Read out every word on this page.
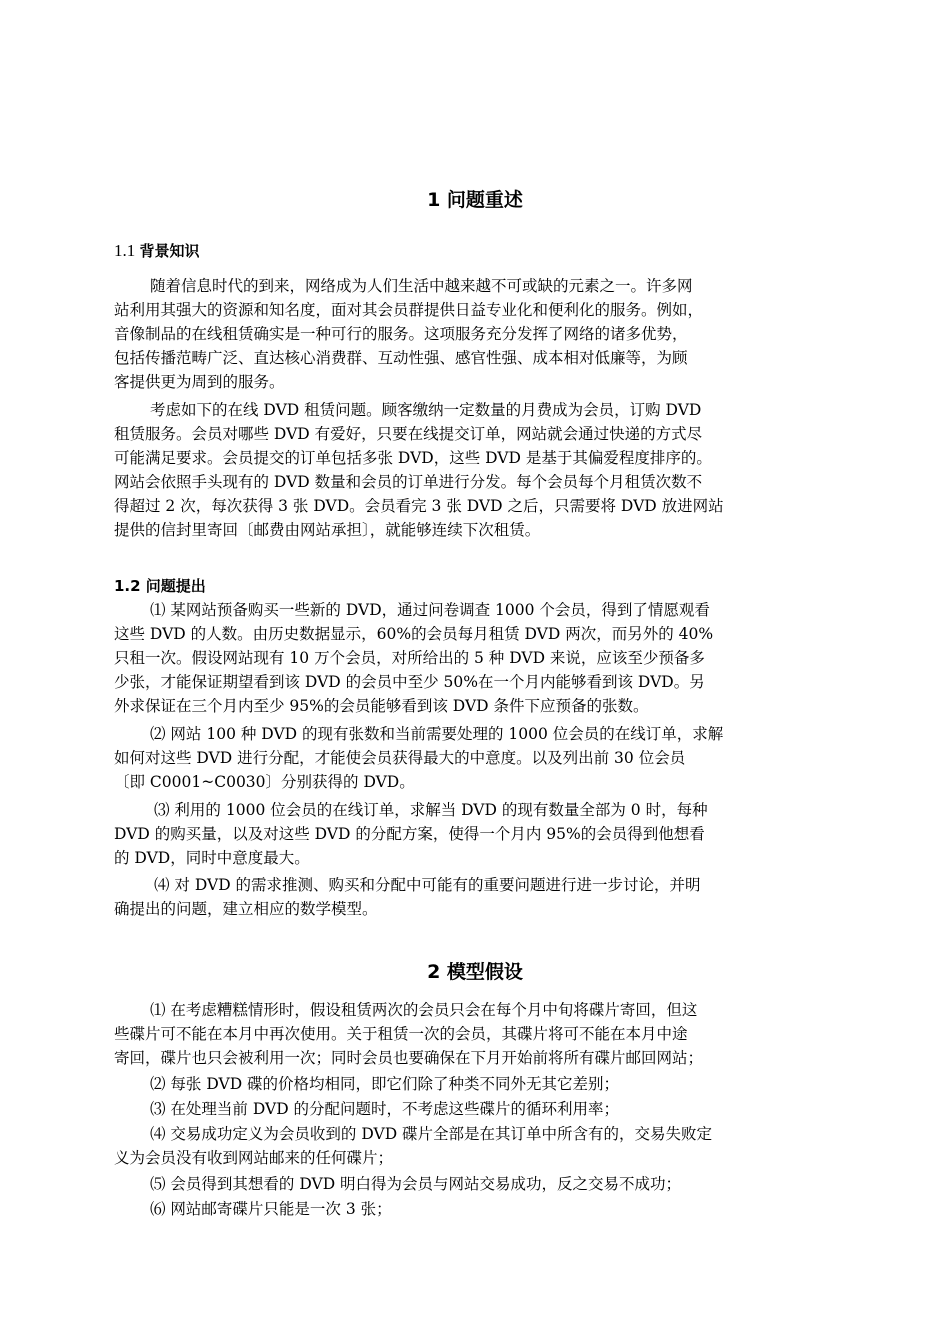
1 问题重述
1.1 背景知识
随着信息时代的到来，网络成为人们生活中越来越不可或缺的元素之一。许多网
站利用其强大的资源和知名度，面对其会员群提供日益专业化和便利化的服务。例如，
音像制品的在线租赁确实是一种可行的服务。这项服务充分发挥了网络的诸多优势，
包括传播范畴广泛、直达核心消费群、互动性强、感官性强、成本相对低廉等，为顾
客提供更为周到的服务。
考虑如下的在线 DVD 租赁问题。顾客缴纳一定数量的月费成为会员，订购 DVD
租赁服务。会员对哪些 DVD 有爱好，只要在线提交订单，网站就会通过快递的方式尽
可能满足要求。会员提交的订单包括多张 DVD，这些 DVD 是基于其偏爱程度排序的。
网站会依照手头现有的 DVD 数量和会员的订单进行分发。每个会员每个月租赁次数不
得超过 2 次，每次获得 3 张 DVD。会员看完 3 张 DVD 之后，只需要将 DVD 放进网站
提供的信封里寄回〔邮费由网站承担〕，就能够连续下次租赁。
1.2 问题提出
⑴ 某网站预备购买一些新的 DVD，通过问卷调查 1000 个会员，得到了情愿观看
这些 DVD 的人数。由历史数据显示，60%的会员每月租赁 DVD 两次，而另外的 40%
只租一次。假设网站现有 10 万个会员，对所给出的 5 种 DVD 来说，应该至少预备多
少张，才能保证期望看到该 DVD 的会员中至少 50%在一个月内能够看到该 DVD。另
外求保证在三个月内至少 95%的会员能够看到该 DVD 条件下应预备的张数。
⑵ 网站 100 种 DVD 的现有张数和当前需要处理的 1000 位会员的在线订单，求解
如何对这些 DVD 进行分配，才能使会员获得最大的中意度。以及列出前 30 位会员
〔即 C0001~C0030〕分别获得的 DVD。
⑶ 利用的 1000 位会员的在线订单，求解当 DVD 的现有数量全部为 0 时，每种
DVD 的购买量，以及对这些 DVD 的分配方案，使得一个月内 95%的会员得到他想看
的 DVD，同时中意度最大。
⑷ 对 DVD 的需求推测、购买和分配中可能有的重要问题进行进一步讨论，并明
确提出的问题，建立相应的数学模型。
2 模型假设
⑴ 在考虑糟糕情形时，假设租赁两次的会员只会在每个月中旬将碟片寄回，但这
些碟片可不能在本月中再次使用。关于租赁一次的会员，其碟片将可不能在本月中途
寄回，碟片也只会被利用一次；同时会员也要确保在下月开始前将所有碟片邮回网站；
⑵ 每张 DVD 碟的价格均相同，即它们除了种类不同外无其它差别；
⑶ 在处理当前 DVD 的分配问题时，不考虑这些碟片的循环利用率；
⑷ 交易成功定义为会员收到的 DVD 碟片全部是在其订单中所含有的，交易失败定
义为会员没有收到网站邮来的任何碟片；
⑸ 会员得到其想看的 DVD 明白得为会员与网站交易成功，反之交易不成功；
⑹ 网站邮寄碟片只能是一次 3 张；
